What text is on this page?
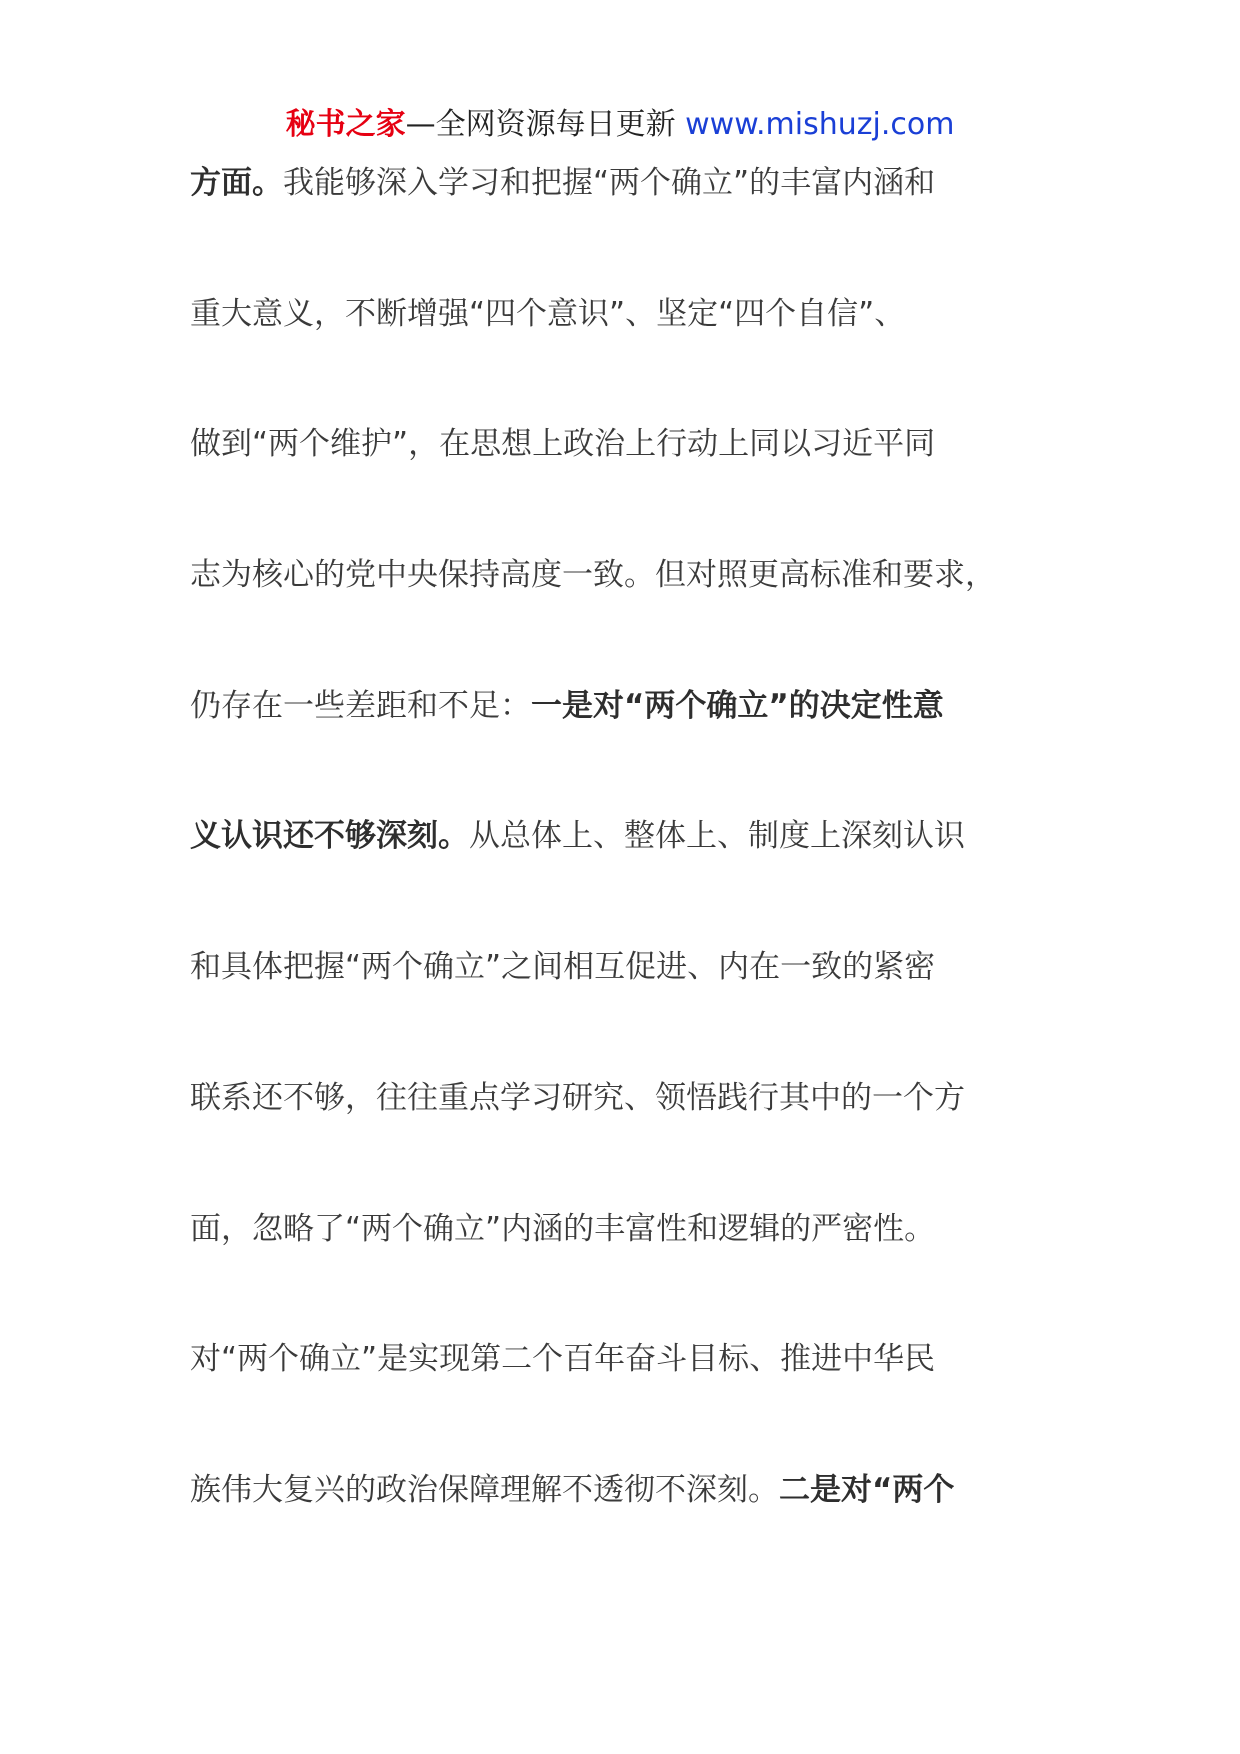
秘书之家—全网资源每日更新 www.mishuzj.com
方面。我能够深入学习和把握“两个确立”的丰富内涵和
重大意义，不断增强“四个意识”、坚定“四个自信”、
做到“两个维护”，在思想上政治上行动上同以习近平同
志为核心的党中央保持高度一致。但对照更高标准和要求，
仍存在一些差距和不足：一是对“两个确立”的决定性意
义认识还不够深刻。从总体上、整体上、制度上深刻认识
和具体把握“两个确立”之间相互促进、内在一致的紧密
联系还不够，往往重点学习研究、领悟践行其中的一个方
面，忽略了“两个确立”内涵的丰富性和逻辑的严密性。
对“两个确立”是实现第二个百年奋斗目标、推进中华民
族伟大复兴的政治保障理解不透彻不深刻。二是对“两个
